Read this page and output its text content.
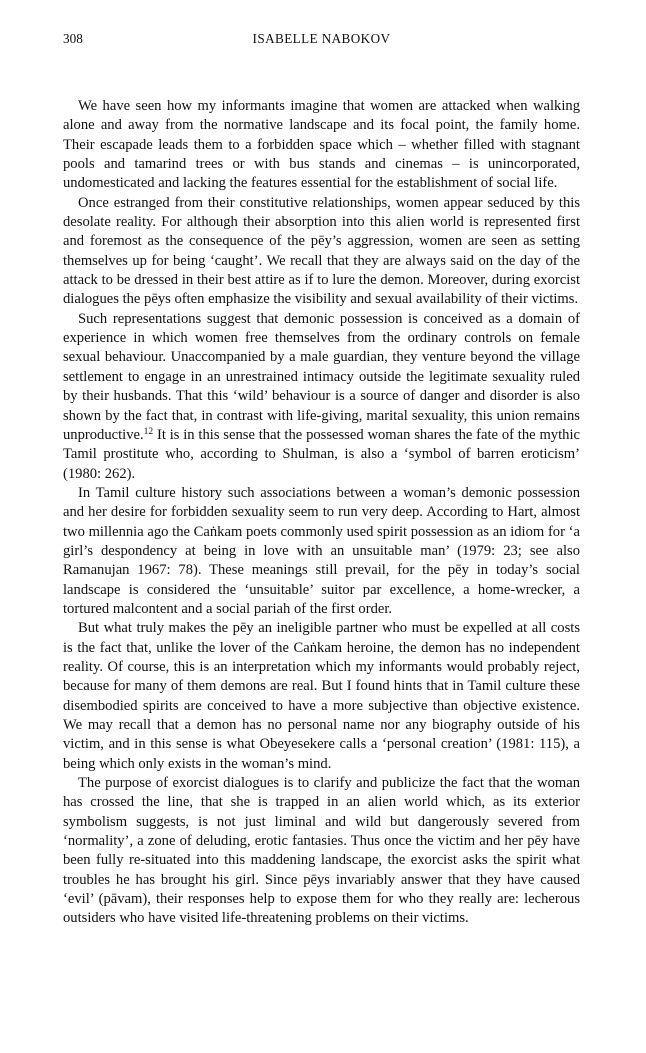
308	ISABELLE NABOKOV

We have seen how my informants imagine that women are attacked when walking alone and away from the normative landscape and its focal point, the family home. Their escapade leads them to a forbidden space which – whether filled with stagnant pools and tamarind trees or with bus stands and cinemas – is unincorporated, undomesticated and lacking the features essential for the establishment of social life.

Once estranged from their constitutive relationships, women appear seduced by this desolate reality. For although their absorption into this alien world is represented first and foremost as the consequence of the pēy’s aggression, women are seen as setting themselves up for being ‘caught’. We recall that they are always said on the day of the attack to be dressed in their best attire as if to lure the demon. Moreover, during exorcist dialogues the pēys often emphasize the visibility and sexual availability of their victims.

Such representations suggest that demonic possession is conceived as a domain of experience in which women free themselves from the ordinary controls on female sexual behaviour. Unaccompanied by a male guardian, they venture beyond the village settlement to engage in an unrestrained intimacy outside the legitimate sexuality ruled by their husbands. That this ‘wild’ behaviour is a source of danger and disorder is also shown by the fact that, in contrast with life-giving, marital sexuality, this union remains unproductive.$^{12}$ It is in this sense that the possessed woman shares the fate of the mythic Tamil prostitute who, according to Shulman, is also a ‘symbol of barren eroticism’ (1980: 262).

In Tamil culture history such associations between a woman’s demonic possession and her desire for forbidden sexuality seem to run very deep. According to Hart, almost two millennia ago the Caṅkam poets commonly used spirit possession as an idiom for ‘a girl’s despondency at being in love with an unsuitable man’ (1979: 23; see also Ramanujan 1967: 78). These meanings still prevail, for the pēy in today’s social landscape is considered the ‘unsuitable’ suitor par excellence, a home-wrecker, a tortured malcontent and a social pariah of the first order.

But what truly makes the pēy an ineligible partner who must be expelled at all costs is the fact that, unlike the lover of the Caṅkam heroine, the demon has no independent reality. Of course, this is an interpretation which my informants would probably reject, because for many of them demons are real. But I found hints that in Tamil culture these disembodied spirits are conceived to have a more subjective than objective existence. We may recall that a demon has no personal name nor any biography outside of his victim, and in this sense is what Obeyesekere calls a ‘personal creation’ (1981: 115), a being which only exists in the woman’s mind.

The purpose of exorcist dialogues is to clarify and publicize the fact that the woman has crossed the line, that she is trapped in an alien world which, as its exterior symbolism suggests, is not just liminal and wild but dangerously severed from ‘normality’, a zone of deluding, erotic fantasies. Thus once the victim and her pēy have been fully re-situated into this maddening landscape, the exorcist asks the spirit what troubles he has brought his girl. Since pēys invariably answer that they have caused ‘evil’ (pāvam), their responses help to expose them for who they really are: lecherous outsiders who have visited life-threatening problems on their victims.
